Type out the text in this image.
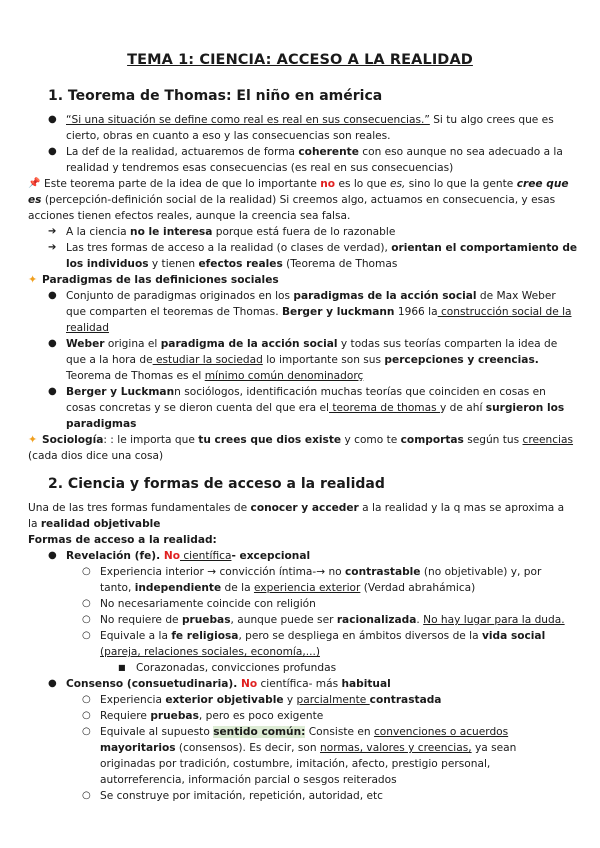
TEMA 1: CIENCIA: ACCESO A LA REALIDAD
1. Teorema de Thomas: El niño en américa
● “Si una situación se define como real es real en sus consecuencias.” Si tu algo crees que es
cierto, obras en cuanto a eso y las consecuencias son reales.
● La def de la realidad, actuaremos de forma coherente con eso aunque no sea adecuado a la
realidad y tendremos esas consecuencias (es real en sus consecuencias)
📌 Este teorema parte de la idea de que lo importante no es lo que es, sino lo que la gente cree que
es (percepción-definición social de la realidad) Si creemos algo, actuamos en consecuencia, y esas
acciones tienen efectos reales, aunque la creencia sea falsa.
➔ A la ciencia no le interesa porque está fuera de lo razonable
➔ Las tres formas de acceso a la realidad (o clases de verdad), orientan el comportamiento de
los individuos y tienen efectos reales (Teorema de Thomas
✦ Paradigmas de las definiciones sociales
● Conjunto de paradigmas originados en los paradigmas de la acción social de Max Weber
que comparten el teoremas de Thomas. Berger y luckmann 1966 la construcción social de la
realidad
● Weber origina el paradigma de la acción social y todas sus teorías comparten la idea de
que a la hora de estudiar la sociedad lo importante son sus percepciones y creencias.
Teorema de Thomas es el mínimo común denominadorç
● Berger y Luckmann sociólogos, identificación muchas teorías que coinciden en cosas en
cosas concretas y se dieron cuenta del que era el teorema de thomas y de ahí surgieron los
paradigmas
✦ Sociología: : le importa que tu crees que dios existe y como te comportas según tus creencias
(cada dios dice una cosa)
2. Ciencia y formas de acceso a la realidad
Una de las tres formas fundamentales de conocer y acceder a la realidad y la q mas se aproxima a
la realidad objetivable
Formas de acceso a la realidad:
● Revelación (fe). No científica- excepcional
○ Experiencia interior → convicción íntima-→ no contrastable (no objetivable) y, por
tanto, independiente de la experiencia exterior (Verdad abrahámica)
○ No necesariamente coincide con religión
○ No requiere de pruebas, aunque puede ser racionalizada. No hay lugar para la duda.
○ Equivale a la fe religiosa, pero se despliega en ámbitos diversos de la vida social
(pareja, relaciones sociales, economía,...)
■ Corazonadas, convicciones profundas
● Consenso (consuetudinaria). No científica- más habitual
○ Experiencia exterior objetivable y parcialmente contrastada
○ Requiere pruebas, pero es poco exigente
○ Equivale al supuesto sentido común: Consiste en convenciones o acuerdos
mayoritarios (consensos). Es decir, son normas, valores y creencias, ya sean
originadas por tradición, costumbre, imitación, afecto, prestigio personal,
autorreferencia, información parcial o sesgos reiterados
○ Se construye por imitación, repetición, autoridad, etc
